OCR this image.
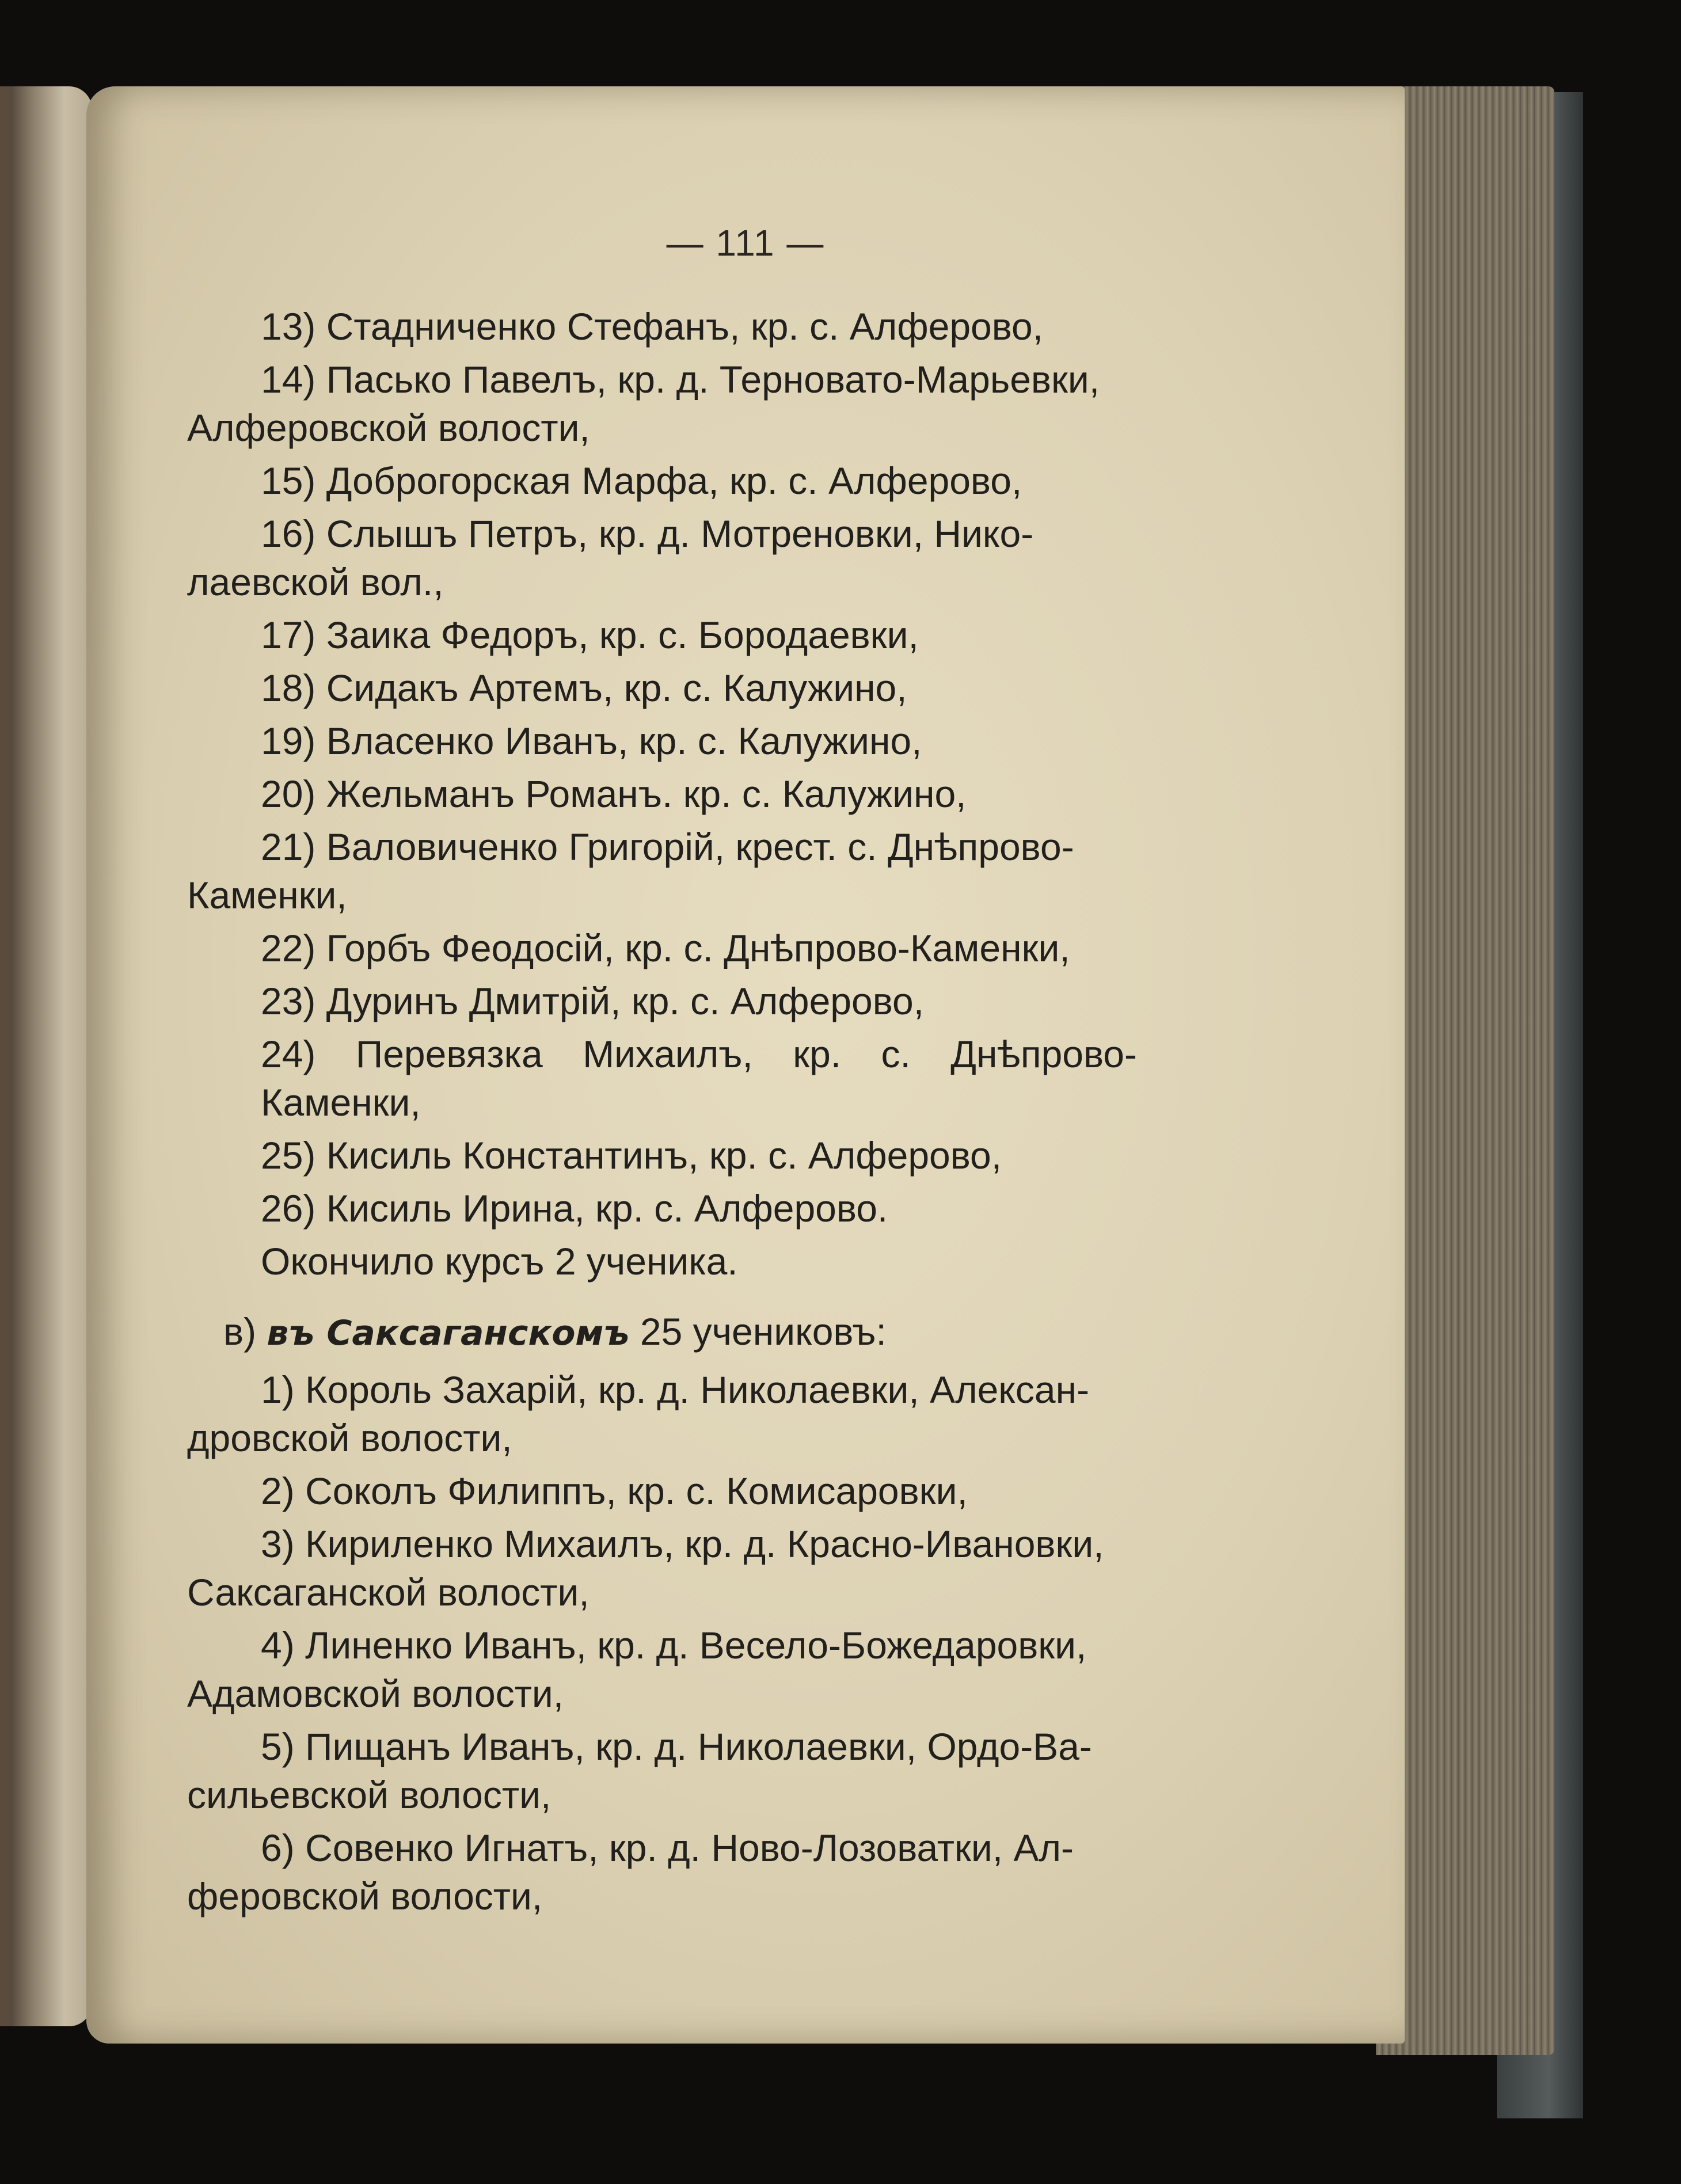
— 111 —

13) Стадниченко Стефанъ, кр. с. Алферово,

14) Пасько Павелъ, кр. д. Терновато-Марьевки,
Алферовской волости,

15) Доброгорская Марфа, кр. с. Алферово,

16) Слышъ Петръ, кр. д. Мотреновки, Нико-
лаевской вол.,

17) Заика Федоръ, кр. с. Бородаевки,

18) Сидакъ Артемъ, кр. с. Калужино,

19) Власенко Иванъ, кр. с. Калужино,

20) Жельманъ Романъ. кр. с. Калужино,

21) Валовиченко Григорій, крест. с. Днѣпрово-
Каменки,

22) Горбъ Феодосій, кр. с. Днѣпрово-Каменки,

23) Дуринъ Дмитрій, кр. с. Алферово,

24) Перевязка Михаилъ, кр. с. Днѣпрово-Каменки,

25) Кисиль Константинъ, кр. с. Алферово,

26) Кисиль Ирина, кр. с. Алферово.

Окончило курсъ 2 ученика.
в) въ Саксаганскомъ 25 учениковъ:

1) Король Захарій, кр. д. Николаевки, Алексан-
дровской волости,

2) Соколъ Филиппъ, кр. с. Комисаровки,

3) Кириленко Михаилъ, кр. д. Красно-Ивановки,
Саксаганской волости,

4) Линенко Иванъ, кр. д. Весело-Божедаровки,
Адамовской волости,

5) Пищанъ Иванъ, кр. д. Николаевки, Ордо-Ва-
сильевской волости,

6) Совенко Игнатъ, кр. д. Ново-Лозоватки, Ал-
феровской волости,
